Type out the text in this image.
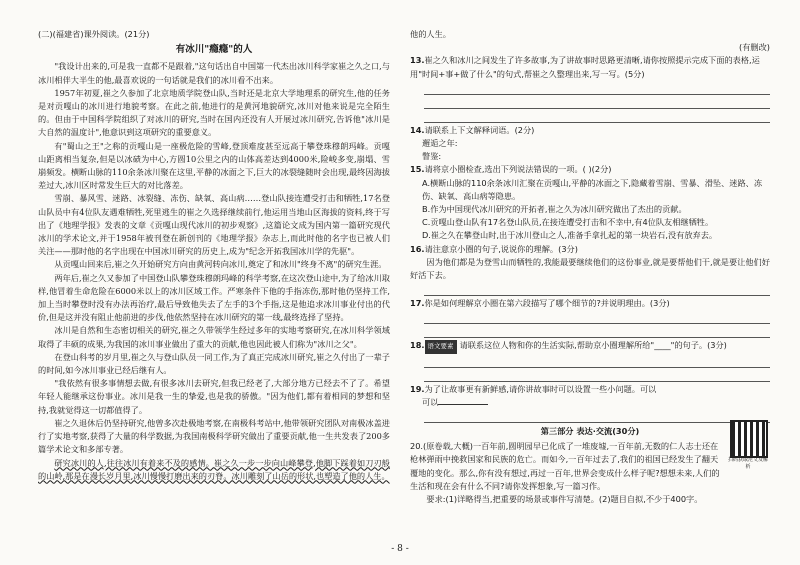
(二)(福建省)课外阅读。(21分)

有冰川"瘾瘾"的人

"我设计出来的,可是我一直都不是跟着,"这句话出自中国第一代杰出冰川科学家崔之久之口,与冰川相伴大半生的他,最喜欢说的一句话就是我们的冰川看不出来。

1957年初夏,崔之久参加了北京地质学院登山队,当时还是北京大学地理系的研究生,他的任务是对贡嘎山的冰川进行地貌考察。在此之前,他进行的是黄河地貌研究,冰川对他来说是完全陌生的。但由于中国科学院组织了对冰川的研究,当时在国内还没有人开展过冰川研究,告诉他"冰川是大自然的温度计",他意识到这项研究的重要意义。

有"蜀山之王"之称的贡嘎山是一座极危险的雪峰,登顶难度甚至远高于攀登珠穆朗玛峰。贡嘎山距离相当复杂,但是以冰碛为中心,方圆10公里之内的山体高差达到4000米,险峻多变,崩塌、雪崩频发。横断山脉的110余条冰川聚在这里,平静的冰面之下,巨大的冰裂缝随时会出现,最终因海拔差过大,冰川区时常发生巨大的对比落差。

雪崩、暴风雪、迷路、冰裂缝、冻伤、缺氧、高山病……登山队接连遭受打击和牺牲,17名登山队员中有4位队友遇难牺牲,死里逃生的崔之久选择继续前行,他运用当地山区海拔的资料,终于写出了《地理学报》发表的文章《贡嘎山现代冰川的初步观察》,这篇论文成为国内第一篇研究现代冰川的学术论文,并于1958年被刊登在新创刊的《地理学报》杂志上,而此时他的名字也已被人们关注——那时他的名字出现在中国冰川研究的历史上,成为"纪念开拓我国冰川学的先驱"。

从贡嘎山回来后,崔之久开始研究方向由黄河转向冰川,奠定了和冰川"终身不离"的研究生涯。

两年后,崔之久又参加了中国登山队攀登珠穆朗玛峰的科学考察,在这次登山途中,为了给冰川取样,他冒着生命危险在6000米以上的冰川区域工作。严寒条件下他的手指冻伤,那时他仍坚持工作,加上当时攀登时没有办法再治疗,最后导致他失去了左手的3个手指,这是他追求冰川事业付出的代价,但是这并没有阻止他前进的步伐,他依然坚持在冰川研究的第一线,最终选择了坚持。

冰川是自然和生态密切相关的研究,崔之久带领学生经过多年的实地考察研究,在冰川科学领域取得了丰硕的成果,为我国的冰川事业做出了重大的贡献,他也因此被人们称为"冰川之父"。

在登山科考的岁月里,崔之久与登山队员一同工作,为了真正完成冰川研究,崔之久付出了一辈子的时间,如今冰川事业已经后继有人。

"我依然有很多事情想去做,有很多冰川去研究,但我已经老了,大部分地方已经去不了了。希望年轻人能继承这份事业。冰川是我一生的挚爱,也是我的骄傲。"因为他们,都有着相同的梦想和坚持,我就觉得这一切都值得了。

崔之久退休后仍坚持研究,他曾多次赴极地考察,在南极科考站中,他带领研究团队对南极冰盖进行了实地考察,获得了大量的科学数据,为我国南极科学研究做出了重要贡献,他一生共发表了200多篇学术论文和多部专著。

研究冰川的人,往往冰川有着来不及的感情。崔之久一步一步向山峰攀登,他脚下踩着如刀刃般的山岭,那是在漫长岁月里,冰川慢慢打磨出来的刃脊。冰川雕刻了山岳的形状,也塑造了他的人生。

他的人生。

(有删改)

13.崔之久和冰川之间发生了许多故事,为了讲故事时思路更清晰,请你按照提示完成下面的表格,运用"时间+事+做了什么"的句式,帮崔之久整理出来,写一写。(5分)

14.请联系上下文解释词语。(2分)

邂逅之年:

瞥鉴:

15.请将京小圈检查,选出下列说法错误的一项。( )(2分)

A.横断山脉的110余条冰川汇聚在贡嘎山,平静的冰面之下,隐藏着雪崩、雪暴、滑坠、迷路、冻伤、缺氧、高山病等隐患。

B.作为中国现代冰川研究的开拓者,崔之久为冰川研究做出了杰出的贡献。

C.贡嘎山登山队有17名登山队员,在接连遭受打击和不幸中,有4位队友相继牺牲。

D.崔之久在攀登山时,出于冰川登山之人,准备手拿扎起的第一块岩石,没有放弃去。

16.请注意京小圈的句子,说说你的理解。(3分)

因为他们都是为登雪山而牺牲的,我能最要继续他们的这份事业,就是要帮他们干,就是要让他们好好活下去。

17.你是如何理解京小圈在第六段描写了哪个细节的?并说明理由。(3分)

18. 语文要素 请联系这位人物和你的生活实际,帮助京小圈理解所给"____"的句子。(3分)

19.为了让故事更有新鲜感,请你讲故事时可以设置一些小问题。可以

可以

第三部分 表达·交流(30分)

20.(原卷载,大概)一百年前,圆明园早已化成了一堆废墟,一百年前,无数的仁人志士还在枪林弹雨中挽救国家和民族的危亡。而如今,一百年过去了,我们的祖国已经发生了翻天覆地的变化。那么,你有没有想过,再过一百年,世界会变成什么样子呢?想想未来,人们的生活和现在会有什么不同?请你发挥想象,写一篇习作。

要求:(1)详略得当,把重要的场景或事件写清楚。(2)题目自拟,不少于400字。

扫码获取范文及解析
- 8 -
